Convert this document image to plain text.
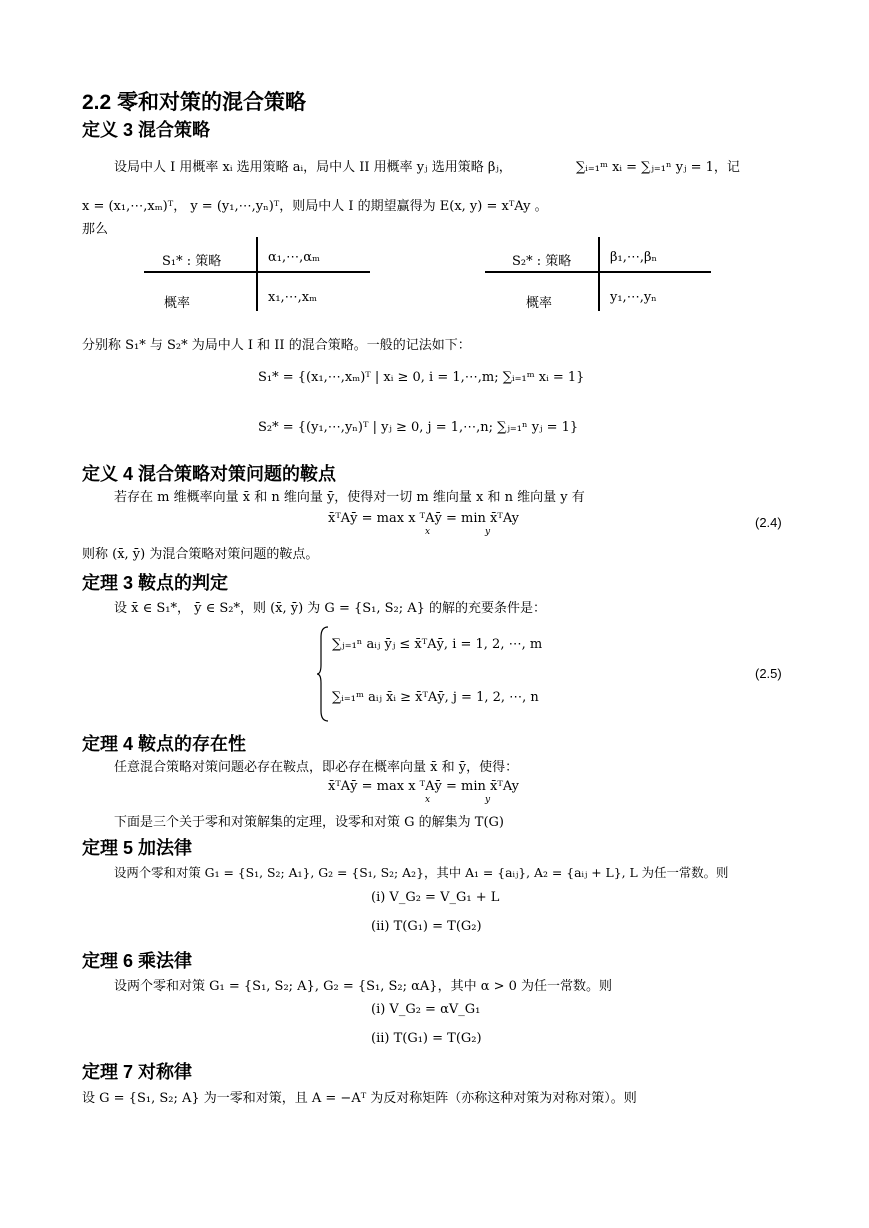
2.2 零和对策的混合策略
定义 3 混合策略
设局中人 I 用概率 xᵢ 选用策略 aᵢ，局中人 II 用概率 yⱼ 选用策略 βⱼ，	∑ᵢ₌₁ᵐ xᵢ = ∑ⱼ₌₁ⁿ yⱼ = 1，记
x = (x₁,⋯,xₘ)ᵀ， y = (y₁,⋯,yₙ)ᵀ，则局中人 I 的期望赢得为 E(x, y) = xᵀAy 。
那么
S₁* : 策略	α₁,⋯,αₘ
概率	x₁,⋯,xₘ
S₂* : 策略	β₁,⋯,βₙ
概率	y₁,⋯,yₙ
分别称 S₁* 与 S₂* 为局中人 I 和 II 的混合策略。一般的记法如下：
S₁* = {(x₁,⋯,xₘ)ᵀ | xᵢ ≥ 0, i = 1,⋯,m; ∑ᵢ₌₁ᵐ xᵢ = 1}
S₂* = {(y₁,⋯,yₙ)ᵀ | yⱼ ≥ 0, j = 1,⋯,n; ∑ⱼ₌₁ⁿ yⱼ = 1}
定义 4 混合策略对策问题的鞍点
若存在 m 维概率向量 x̄ 和 n 维向量 ȳ，使得对一切 m 维向量 x 和 n 维向量 y 有
x̄ᵀAȳ = max x ᵀAȳ = min x̄ᵀAy
x	y
(2.4)
则称 (x̄, ȳ) 为混合策略对策问题的鞍点。
定理 3 鞍点的判定
设 x̄ ∈ S₁*， ȳ ∈ S₂*，则 (x̄, ȳ) 为 G = {S₁, S₂; A} 的解的充要条件是：
∑ⱼ₌₁ⁿ aᵢⱼ ȳⱼ ≤ x̄ᵀAȳ, i = 1, 2, ⋯, m
∑ᵢ₌₁ᵐ aᵢⱼ x̄ᵢ ≥ x̄ᵀAȳ, j = 1, 2, ⋯, n
(2.5)
定理 4 鞍点的存在性
任意混合策略对策问题必存在鞍点，即必存在概率向量 x̄ 和 ȳ，使得：
x̄ᵀAȳ = max x ᵀAȳ = min x̄ᵀAy
x	y
下面是三个关于零和对策解集的定理，设零和对策 G 的解集为 T(G)
定理 5 加法律
设两个零和对策 G₁ = {S₁, S₂; A₁}, G₂ = {S₁, S₂; A₂}，其中 A₁ = {aᵢⱼ}, A₂ = {aᵢⱼ + L}, L 为任一常数。则
(i) V_G₂ = V_G₁ + L
(ii) T(G₁) = T(G₂)
定理 6 乘法律
设两个零和对策 G₁ = {S₁, S₂; A}, G₂ = {S₁, S₂; αA}，其中 α > 0 为任一常数。则
(i) V_G₂ = αV_G₁
(ii) T(G₁) = T(G₂)
定理 7 对称律
设 G = {S₁, S₂; A} 为一零和对策，且 A = −Aᵀ 为反对称矩阵（亦称这种对策为对称对策）。则
